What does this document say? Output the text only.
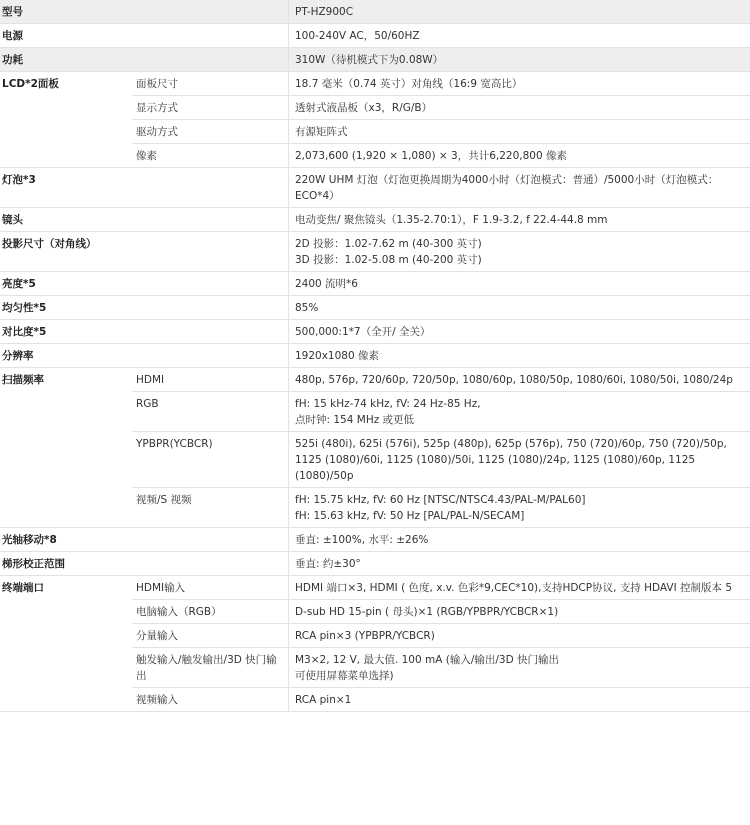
型号		PT-HZ900C
电源		100-240V AC，50/60HZ
功耗		310W（待机模式下为0.08W）
LCD*2面板	面板尺寸	18.7 毫米（0.74 英寸）对角线（16:9 宽高比）
	显示方式	透射式液晶板（x3，R/G/B）
	驱动方式	有源矩阵式
	像素	2,073,600 (1,920 × 1,080) × 3，共计6,220,800 像素
灯泡*3		220W UHM 灯泡（灯泡更换周期为4000小时（灯泡模式：普通）/5000小时（灯泡模式：ECO*4）
镜头		电动变焦/ 聚焦镜头（1.35-2.70:1），F 1.9-3.2, f 22.4-44.8 mm
投影尺寸（对角线）		2D 投影：1.02-7.62 m (40-300 英寸)
3D 投影：1.02-5.08 m (40-200 英寸)

亮度*5		2400 流明*6
均匀性*5		85%
对比度*5		500,000:1*7（全开/ 全关）
分辨率		1920x1080 像素
扫描频率	HDMI	480p, 576p, 720/60p, 720/50p, 1080/60p, 1080/50p, 1080/60i, 1080/50i, 1080/24p
	RGB	fH: 15 kHz-74 kHz, fV: 24 Hz-85 Hz,
点时钟: 154 MHz 或更低

	YPBPR(YCBCR)	525i (480i), 625i (576i), 525p (480p), 625p (576p), 750 (720)/60p, 750 (720)/50p, 1125 (1080)/60i, 1125 (1080)/50i, 1125 (1080)/24p, 1125 (1080)/60p, 1125 (1080)/50p
	视频/S 视频	fH: 15.75 kHz, fV: 60 Hz [NTSC/NTSC4.43/PAL-M/PAL60]
fH: 15.63 kHz, fV: 50 Hz [PAL/PAL-N/SECAM]

光轴移动*8		垂直: ±100%, 水平: ±26%
梯形校正范围		垂直: 约±30°
终端端口	HDMI输入	HDMI 端口×3, HDMI ( 色度, x.v. 色彩*9,CEC*10),支持HDCP协议, 支持 HDAVI 控制版本 5
	电脑输入（RGB）	D-sub HD 15-pin ( 母头)×1 (RGB/YPBPR/YCBCR×1)
	分量输入	RCA pin×3 (YPBPR/YCBCR)
	触发输入/触发输出/3D 快门输出	M3×2, 12 V, 最大值. 100 mA (输入/输出/3D 快门输出
可使用屏幕菜单选择)

	视频输入	RCA pin×1
